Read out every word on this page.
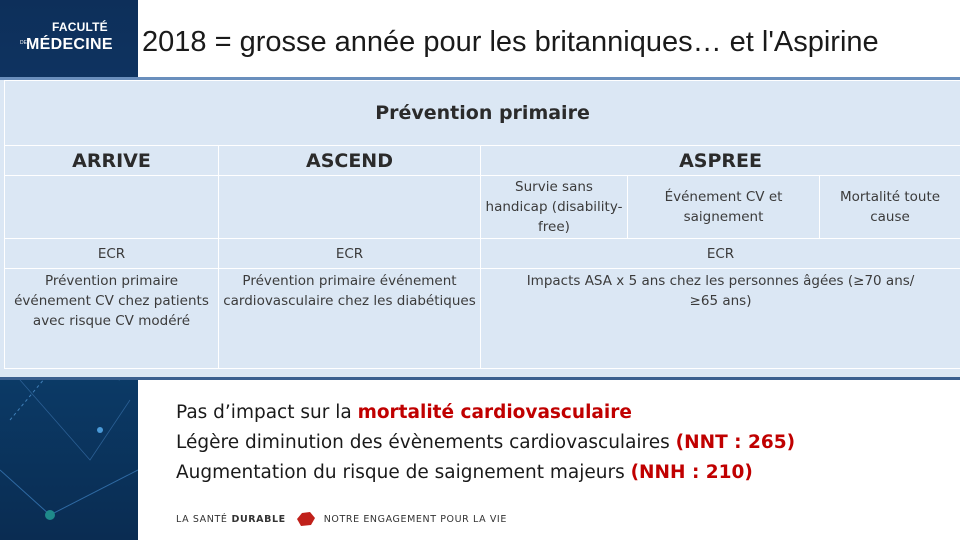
FACULTÉ
DE MÉDECINE 2018 = grosse année pour les britanniques… et l'Aspirine
Prévention primaire				
ARRIVE	ASCEND	ASPREE		
		Survie sans handicap (disability-free)	Événement CV et saignement	Mortalité toute cause
ECR	ECR	ECR		
Prévention primaire événement CV chez patients avec risque CV modéré	Prévention primaire événement cardiovasculaire chez les diabétiques	Impacts ASA x 5 ans chez les personnes âgées (≥70 ans/≥65 ans)		
Pas d’impact sur la mortalité cardiovasculaire
Légère diminution des évènements cardiovasculaires (NNT : 265)
Augmentation du risque de saignement majeurs (NNH : 210)
LA SANTÉ DURABLE	NOTRE ENGAGEMENT POUR LA VIE
